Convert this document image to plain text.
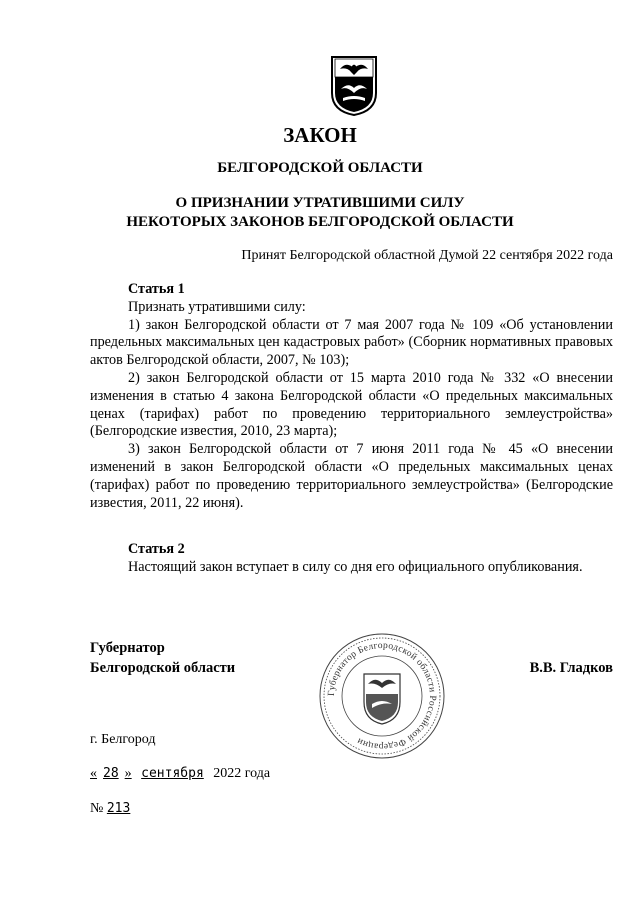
ЗАКОН
БЕЛГОРОДСКОЙ ОБЛАСТИ
О ПРИЗНАНИИ УТРАТИВШИМИ СИЛУ
НЕКОТОРЫХ ЗАКОНОВ БЕЛГОРОДСКОЙ ОБЛАСТИ
Принят Белгородской областной Думой 22 сентября 2022 года

Статья 1

Признать утратившими силу:

1) закон Белгородской области от 7 мая 2007 года № 109 «Об установлении предельных максимальных цен кадастровых работ» (Сборник нормативных правовых актов Белгородской области, 2007, № 103);

2) закон Белгородской области от 15 марта 2010 года № 332 «О внесении изменения в статью 4 закона Белгородской области «О предельных максимальных ценах (тарифах) работ по проведению территориального землеустройства» (Белгородские известия, 2010, 23 марта);

3) закон Белгородской области от 7 июня 2011 года № 45 «О внесении изменений в закон Белгородской области «О предельных максимальных ценах (тарифах) работ по проведению территориального землеустройства» (Белгородские известия, 2011, 22 июня).

Статья 2

Настоящий закон вступает в силу со дня его официального опубликования.

Губернатор
Белгородской области	В.В. Гладков
Губернатор Белгородской области Российской Федерации
г. Белгород
« 28 » сентября 2022 года
№ 213
